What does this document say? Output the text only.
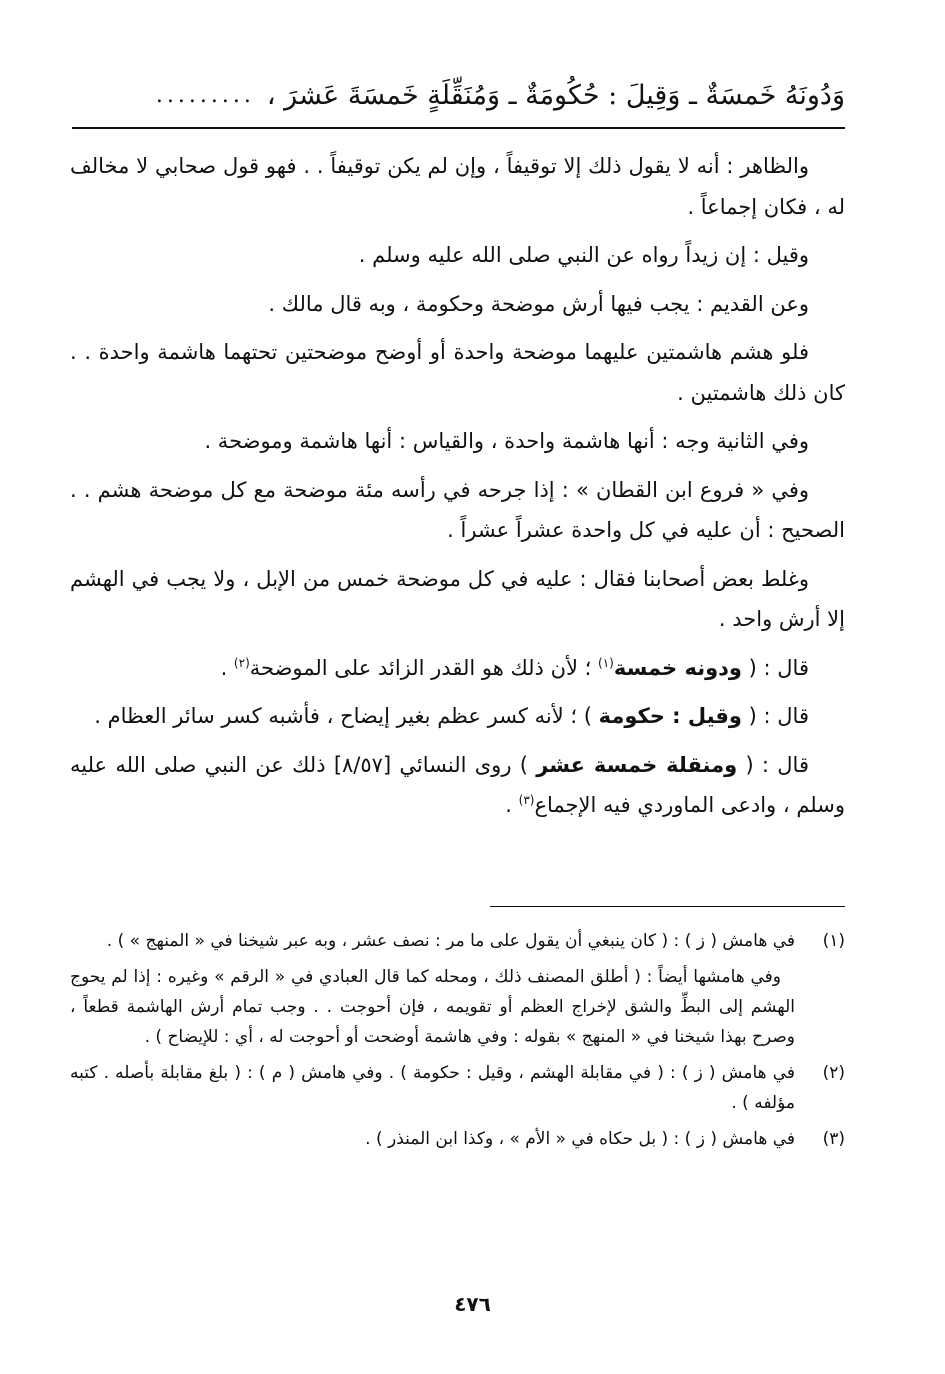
وَدُونَهُ خَمسَةٌ ـ وَقِيلَ : حُكُومَةٌ ـ وَمُنَقِّلَةٍ خَمسَةَ عَشرَ ،
.........

والظاهر : أنه لا يقول ذلك إلا توقيفاً ، وإن لم يكن توقيفاً . . فهو قول صحابي لا مخالف له ، فكان إجماعاً .

وقيل : إن زيداً رواه عن النبي صلى الله عليه وسلم .

وعن القديم : يجب فيها أرش موضحة وحكومة ، وبه قال مالك .

فلو هشم هاشمتين عليهما موضحة واحدة أو أوضح موضحتين تحتهما هاشمة واحدة . . كان ذلك هاشمتين .

وفي الثانية وجه : أنها هاشمة واحدة ، والقياس : أنها هاشمة وموضحة .

وفي « فروع ابن القطان » : إذا جرحه في رأسه مئة موضحة مع كل موضحة هشم . . الصحيح : أن عليه في كل واحدة عشراً عشراً .

وغلط بعض أصحابنا فقال : عليه في كل موضحة خمس من الإبل ، ولا يجب في الهشم إلا أرش واحد .

قال : ( ودونه خمسة$^{(١)}$ ؛ لأن ذلك هو القدر الزائد على الموضحة$^{(٢)}$ .

قال : ( وقيل : حكومة ) ؛ لأنه كسر عظم بغير إيضاح ، فأشبه كسر سائر العظام .

قال : ( ومنقلة خمسة عشر ) روى النسائي [٨/٥٧] ذلك عن النبي صلى الله عليه وسلم ، وادعى الماوردي فيه الإجماع$^{(٣)}$ .

(١)
في هامش ( ز ) : ( كان ينبغي أن يقول على ما مر : نصف عشر ، وبه عبر شيخنا في « المنهج » ) .
وفي هامشها أيضاً : ( أطلق المصنف ذلك ، ومحله كما قال العبادي في « الرقم » وغيره : إذا لم يحوج الهشم إلى البطِّ والشق لإخراج العظم أو تقويمه ، فإن أحوجت . . وجب تمام أرش الهاشمة قطعاً ، وصرح بهذا شيخنا في « المنهج » بقوله : وفي هاشمة أوضحت أو أحوجت له ، أي : للإيضاح ) .
(٢)
في هامش ( ز ) : ( في مقابلة الهشم ، وقيل : حكومة ) . وفي هامش ( م ) : ( بلغ مقابلة بأصله . كتبه مؤلفه ) .
(٣)
في هامش ( ز ) : ( بل حكاه في « الأم » ، وكذا ابن المنذر ) .
٤٧٦
